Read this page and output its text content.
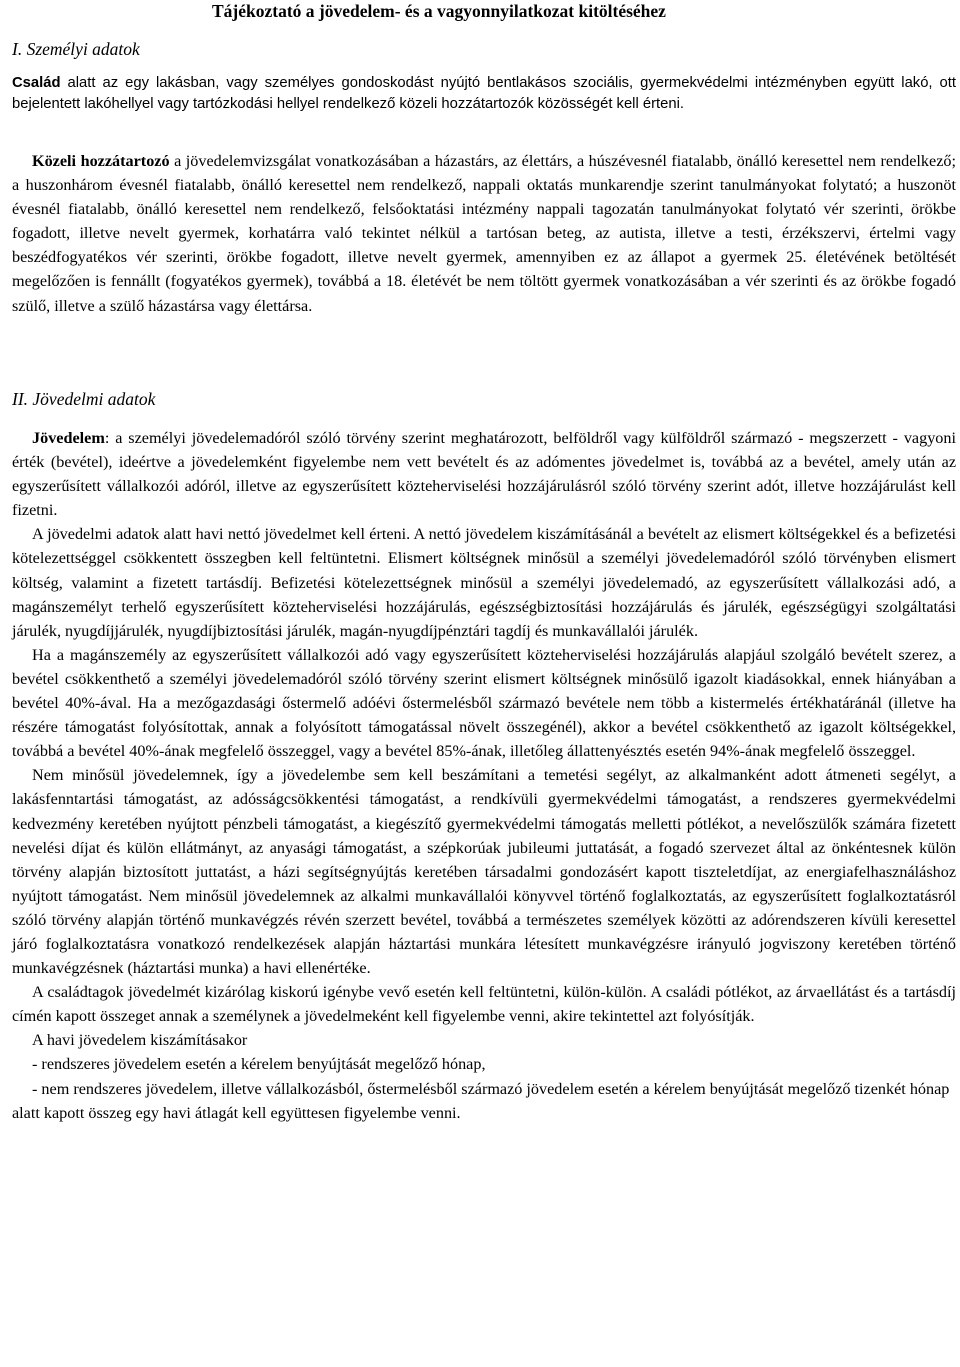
Tájékoztató a jövedelem- és a vagyonnyilatkozat kitöltéséhez
I. Személyi adatok

Család alatt az egy lakásban, vagy személyes gondoskodást nyújtó bentlakásos szociális, gyermekvédelmi intézményben együtt lakó, ott bejelentett lakóhellyel vagy tartózkodási hellyel rendelkező közeli hozzátartozók közösségét kell érteni.

Közeli hozzátartozó a jövedelemvizsgálat vonatkozásában a házastárs, az élettárs, a húszévesnél fiatalabb, önálló keresettel nem rendelkező; a huszonhárom évesnél fiatalabb, önálló keresettel nem rendelkező, nappali oktatás munkarendje szerint tanulmányokat folytató; a huszonöt évesnél fiatalabb, önálló keresettel nem rendelkező, felsőoktatási intézmény nappali tagozatán tanulmányokat folytató vér szerinti, örökbe fogadott, illetve nevelt gyermek, korhatárra való tekintet nélkül a tartósan beteg, az autista, illetve a testi, érzékszervi, értelmi vagy beszédfogyatékos vér szerinti, örökbe fogadott, illetve nevelt gyermek, amennyiben ez az állapot a gyermek 25. életévének betöltését megelőzően is fennállt (fogyatékos gyermek), továbbá a 18. életévét be nem töltött gyermek vonatkozásában a vér szerinti és az örökbe fogadó szülő, illetve a szülő házastársa vagy élettársa.

II. Jövedelmi adatok

Jövedelem: a személyi jövedelemadóról szóló törvény szerint meghatározott, belföldről vagy külföldről származó - megszerzett - vagyoni érték (bevétel), ideértve a jövedelemként figyelembe nem vett bevételt és az adómentes jövedelmet is, továbbá az a bevétel, amely után az egyszerűsített vállalkozói adóról, illetve az egyszerűsített közteherviselési hozzájárulásról szóló törvény szerint adót, illetve hozzájárulást kell fizetni.

A jövedelmi adatok alatt havi nettó jövedelmet kell érteni. A nettó jövedelem kiszámításánál a bevételt az elismert költségekkel és a befizetési kötelezettséggel csökkentett összegben kell feltüntetni. Elismert költségnek minősül a személyi jövedelemadóról szóló törvényben elismert költség, valamint a fizetett tartásdíj. Befizetési kötelezettségnek minősül a személyi jövedelemadó, az egyszerűsített vállalkozási adó, a magánszemélyt terhelő egyszerűsített közteherviselési hozzájárulás, egészségbiztosítási hozzájárulás és járulék, egészségügyi szolgáltatási járulék, nyugdíjjárulék, nyugdíjbiztosítási járulék, magán-nyugdíjpénztári tagdíj és munkavállalói járulék.

Ha a magánszemély az egyszerűsített vállalkozói adó vagy egyszerűsített közteherviselési hozzájárulás alapjául szolgáló bevételt szerez, a bevétel csökkenthető a személyi jövedelemadóról szóló törvény szerint elismert költségnek minősülő igazolt kiadásokkal, ennek hiányában a bevétel 40%-ával. Ha a mezőgazdasági őstermelő adóévi őstermelésből származó bevétele nem több a kistermelés értékhatáránál (illetve ha részére támogatást folyósítottak, annak a folyósított támogatással növelt összegénél), akkor a bevétel csökkenthető az igazolt költségekkel, továbbá a bevétel 40%-ának megfelelő összeggel, vagy a bevétel 85%-ának, illetőleg állattenyésztés esetén 94%-ának megfelelő összeggel.

Nem minősül jövedelemnek, így a jövedelembe sem kell beszámítani a temetési segélyt, az alkalmanként adott átmeneti segélyt, a lakásfenntartási támogatást, az adósságcsökkentési támogatást, a rendkívüli gyermekvédelmi támogatást, a rendszeres gyermekvédelmi kedvezmény keretében nyújtott pénzbeli támogatást, a kiegészítő gyermekvédelmi támogatás melletti pótlékot, a nevelőszülők számára fizetett nevelési díjat és külön ellátmányt, az anyasági támogatást, a szépkorúak jubileumi juttatását, a fogadó szervezet által az önkéntesnek külön törvény alapján biztosított juttatást, a házi segítségnyújtás keretében társadalmi gondozásért kapott tiszteletdíjat, az energiafelhasználáshoz nyújtott támogatást. Nem minősül jövedelemnek az alkalmi munkavállalói könyvvel történő foglalkoztatás, az egyszerűsített foglalkoztatásról szóló törvény alapján történő munkavégzés révén szerzett bevétel, továbbá a természetes személyek közötti az adórendszeren kívüli keresettel járó foglalkoztatásra vonatkozó rendelkezések alapján háztartási munkára létesített munkavégzésre irányuló jogviszony keretében történő munkavégzésnek (háztartási munka) a havi ellenértéke.

A családtagok jövedelmét kizárólag kiskorú igénybe vevő esetén kell feltüntetni, külön-külön. A családi pótlékot, az árvaellátást és a tartásdíj címén kapott összeget annak a személynek a jövedelmeként kell figyelembe venni, akire tekintettel azt folyósítják.

A havi jövedelem kiszámításakor

- rendszeres jövedelem esetén a kérelem benyújtását megelőző hónap,

- nem rendszeres jövedelem, illetve vállalkozásból, őstermelésből származó jövedelem esetén a kérelem benyújtását megelőző tizenkét hónap

alatt kapott összeg egy havi átlagát kell együttesen figyelembe venni.
